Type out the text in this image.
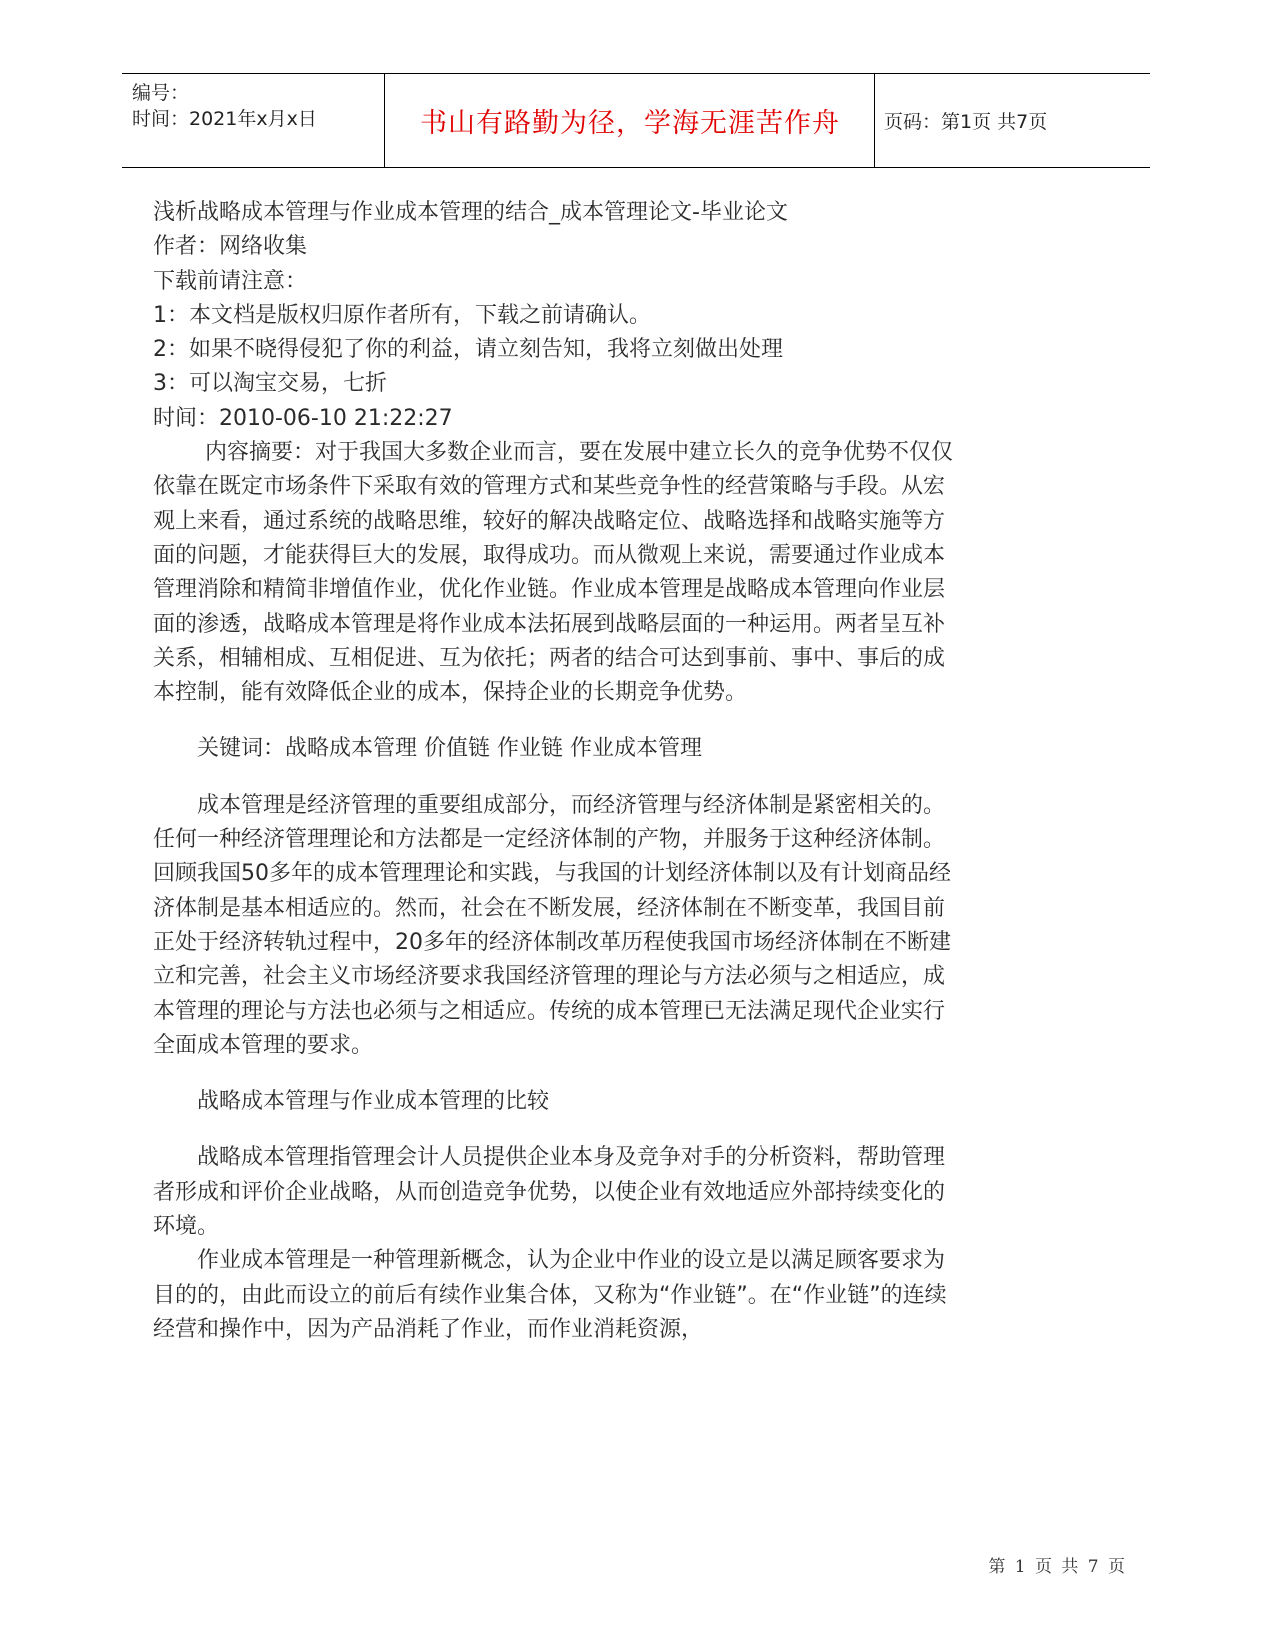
编号：
时间：2021年x月x日	书山有路勤为径，学海无涯苦作舟	页码：第1页 共7页

浅析战略成本管理与作业成本管理的结合_成本管理论文-毕业论文

作者：网络收集

下载前请注意：

1：本文档是版权归原作者所有，下载之前请确认。

2：如果不晓得侵犯了你的利益，请立刻告知，我将立刻做出处理

3：可以淘宝交易，七折

时间：2010-06-10 21:22:27

内容摘要：对于我国大多数企业而言，要在发展中建立长久的竞争优势不仅仅依靠在既定市场条件下采取有效的管理方式和某些竞争性的经营策略与手段。从宏观上来看，通过系统的战略思维，较好的解决战略定位、战略选择和战略实施等方面的问题，才能获得巨大的发展，取得成功。而从微观上来说，需要通过作业成本管理消除和精简非增值作业，优化作业链。作业成本管理是战略成本管理向作业层面的渗透，战略成本管理是将作业成本法拓展到战略层面的一种运用。两者呈互补关系，相辅相成、互相促进、互为依托；两者的结合可达到事前、事中、事后的成本控制，能有效降低企业的成本，保持企业的长期竞争优势。

关键词：战略成本管理 价值链 作业链 作业成本管理

成本管理是经济管理的重要组成部分，而经济管理与经济体制是紧密相关的。任何一种经济管理理论和方法都是一定经济体制的产物，并服务于这种经济体制。回顾我国50多年的成本管理理论和实践，与我国的计划经济体制以及有计划商品经济体制是基本相适应的。然而，社会在不断发展，经济体制在不断变革，我国目前正处于经济转轨过程中，20多年的经济体制改革历程使我国市场经济体制在不断建立和完善，社会主义市场经济要求我国经济管理的理论与方法必须与之相适应，成本管理的理论与方法也必须与之相适应。传统的成本管理已无法满足现代企业实行全面成本管理的要求。

战略成本管理与作业成本管理的比较

战略成本管理指管理会计人员提供企业本身及竞争对手的分析资料，帮助管理者形成和评价企业战略，从而创造竞争优势，以使企业有效地适应外部持续变化的环境。

作业成本管理是一种管理新概念，认为企业中作业的设立是以满足顾客要求为目的的，由此而设立的前后有续作业集合体，又称为“作业链”。在“作业链”的连续经营和操作中，因为产品消耗了作业，而作业消耗资源，

第 1 页 共 7 页
